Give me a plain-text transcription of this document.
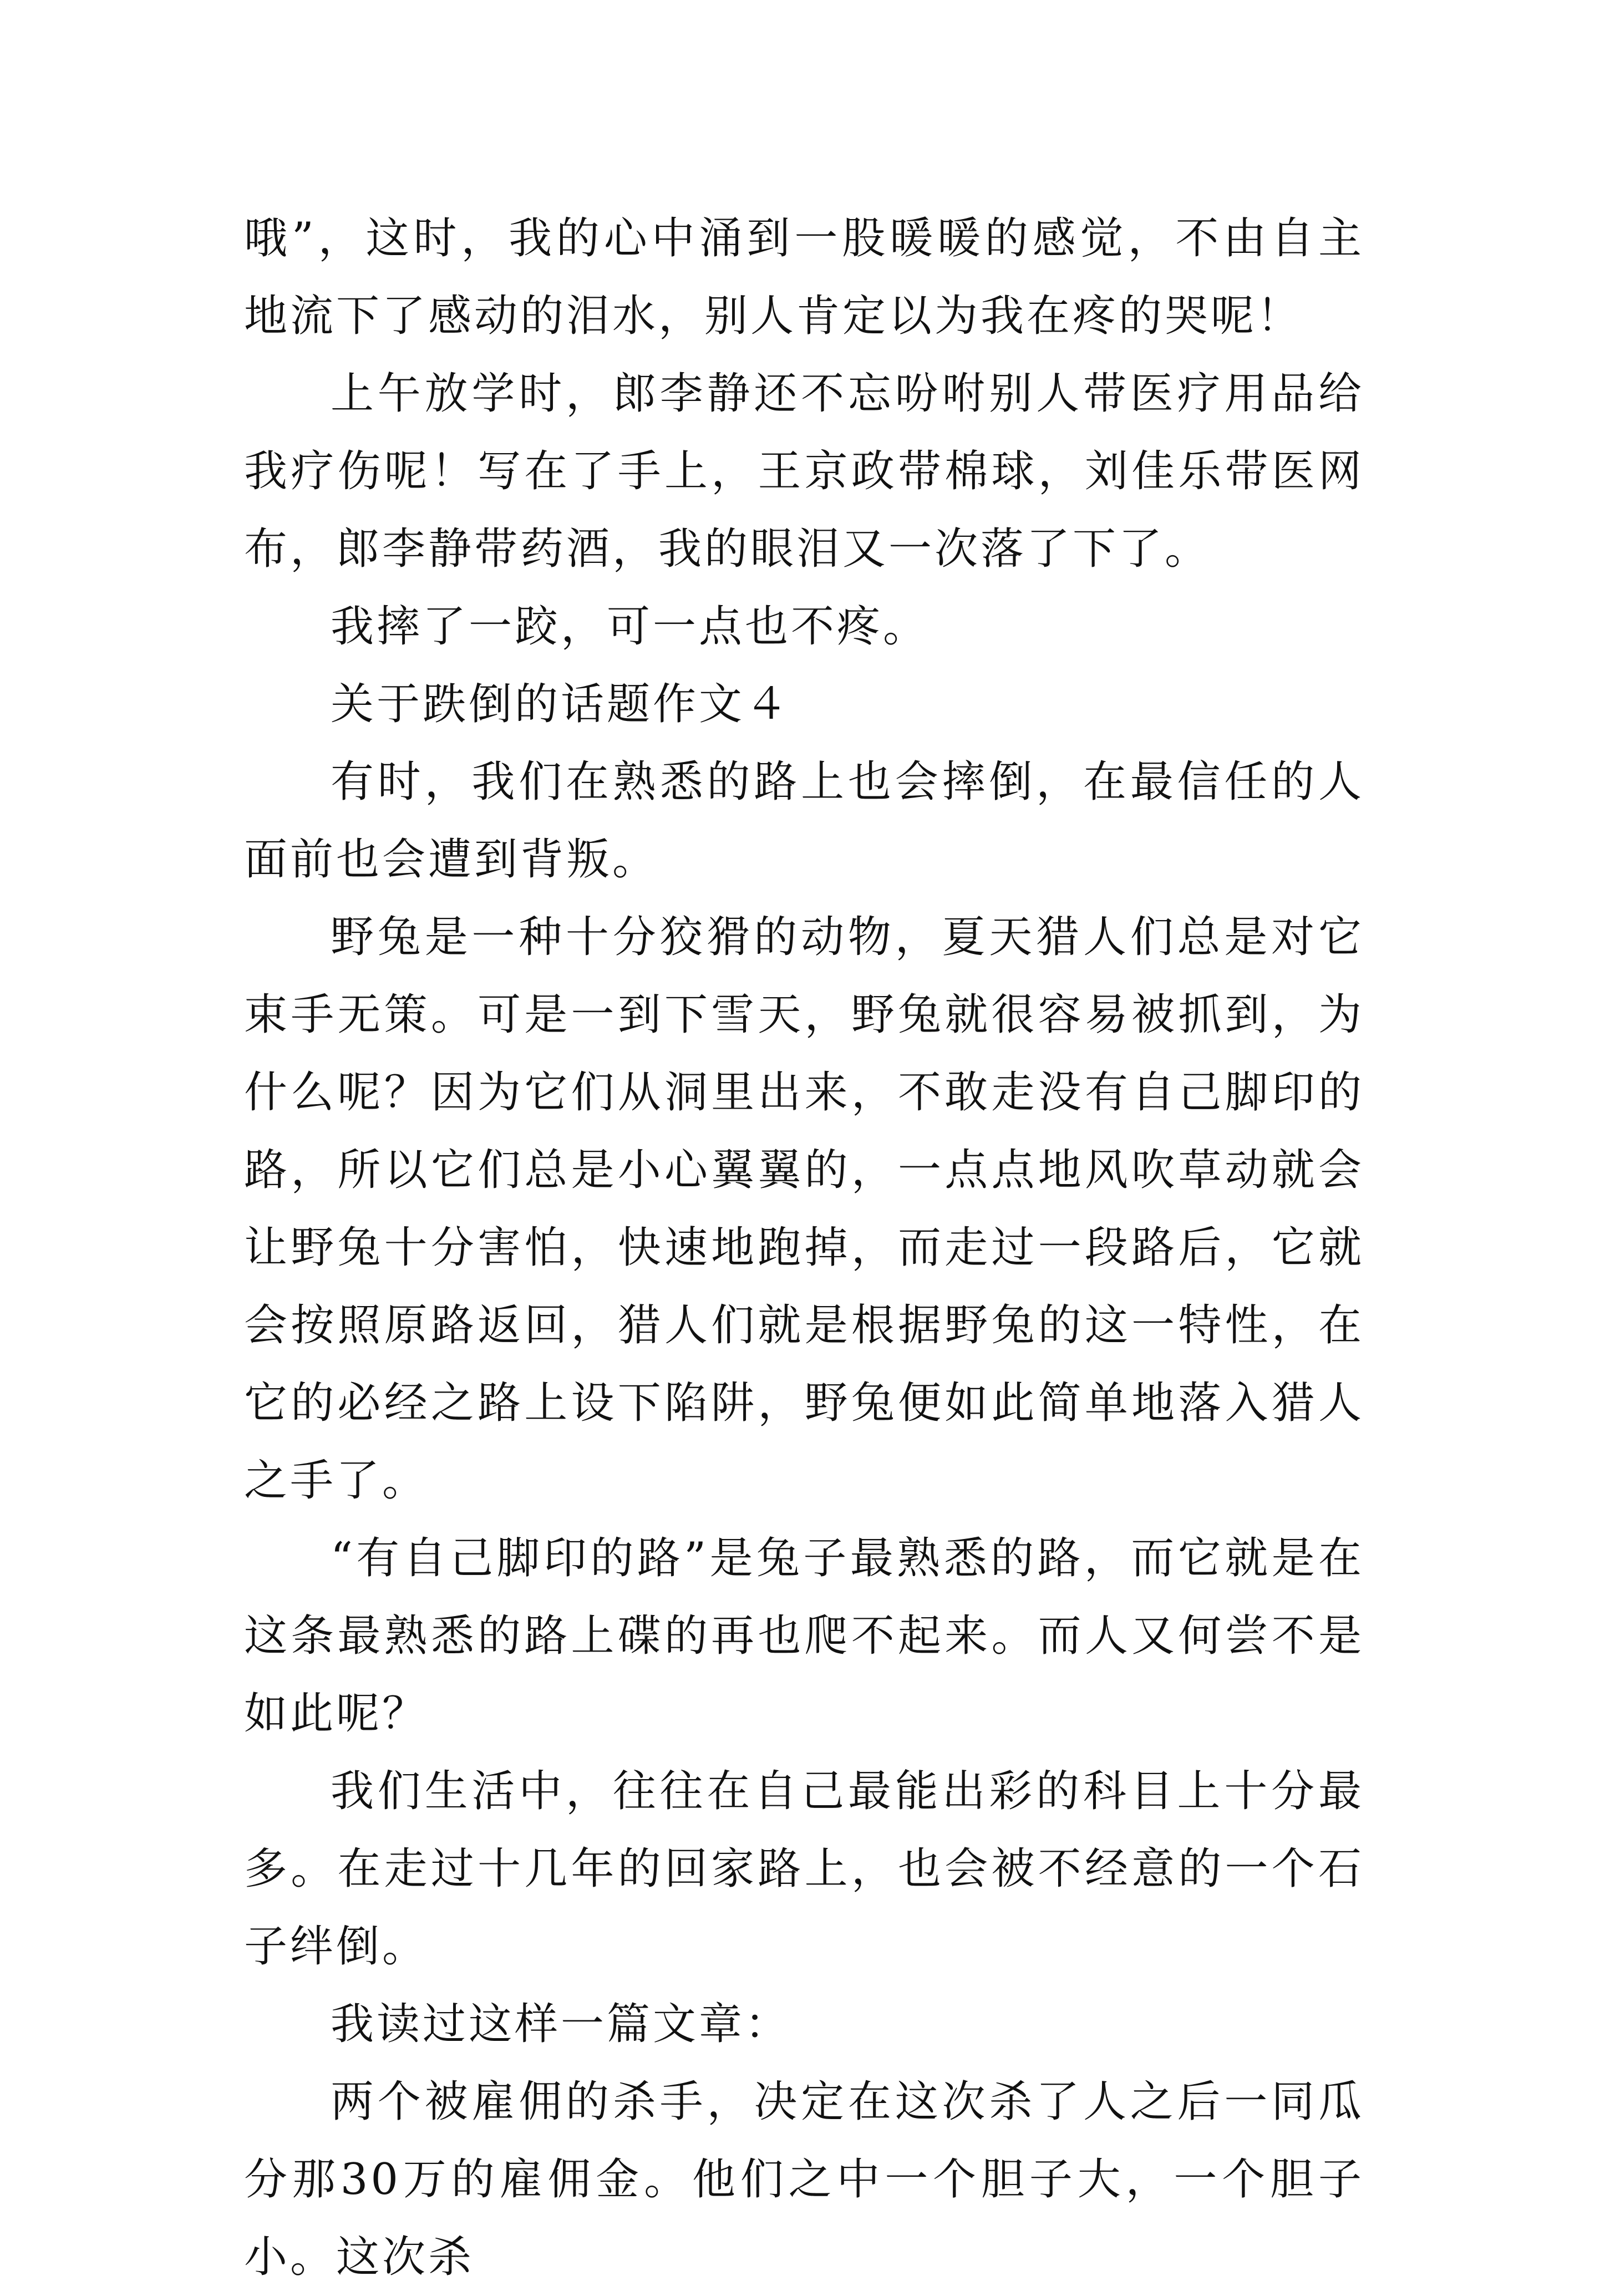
哦”，这时，我的心中涌到一股暖暖的感觉，不由自主地流下了感动的泪水，别人肯定以为我在疼的哭呢！

上午放学时，郎李静还不忘吩咐别人带医疗用品给我疗伤呢！写在了手上，王京政带棉球，刘佳乐带医网布，郎李静带药酒，我的眼泪又一次落了下了。

我摔了一跤，可一点也不疼。

关于跌倒的话题作文４

有时，我们在熟悉的路上也会摔倒，在最信任的人面前也会遭到背叛。

野兔是一种十分狡猾的动物，夏天猎人们总是对它束手无策。可是一到下雪天，野兔就很容易被抓到，为什么呢？因为它们从洞里出来，不敢走没有自己脚印的路，所以它们总是小心翼翼的，一点点地风吹草动就会让野兔十分害怕，快速地跑掉，而走过一段路后，它就会按照原路返回，猎人们就是根据野兔的这一特性，在它的必经之路上设下陷阱，野兔便如此简单地落入猎人之手了。

“有自己脚印的路”是兔子最熟悉的路，而它就是在这条最熟悉的路上碟的再也爬不起来。而人又何尝不是如此呢？

我们生活中，往往在自己最能出彩的科目上十分最多。在走过十几年的回家路上，也会被不经意的一个石子绊倒。

我读过这样一篇文章：

两个被雇佣的杀手，决定在这次杀了人之后一同瓜分那30万的雇佣金。他们之中一个胆子大，一个胆子小。这次杀
